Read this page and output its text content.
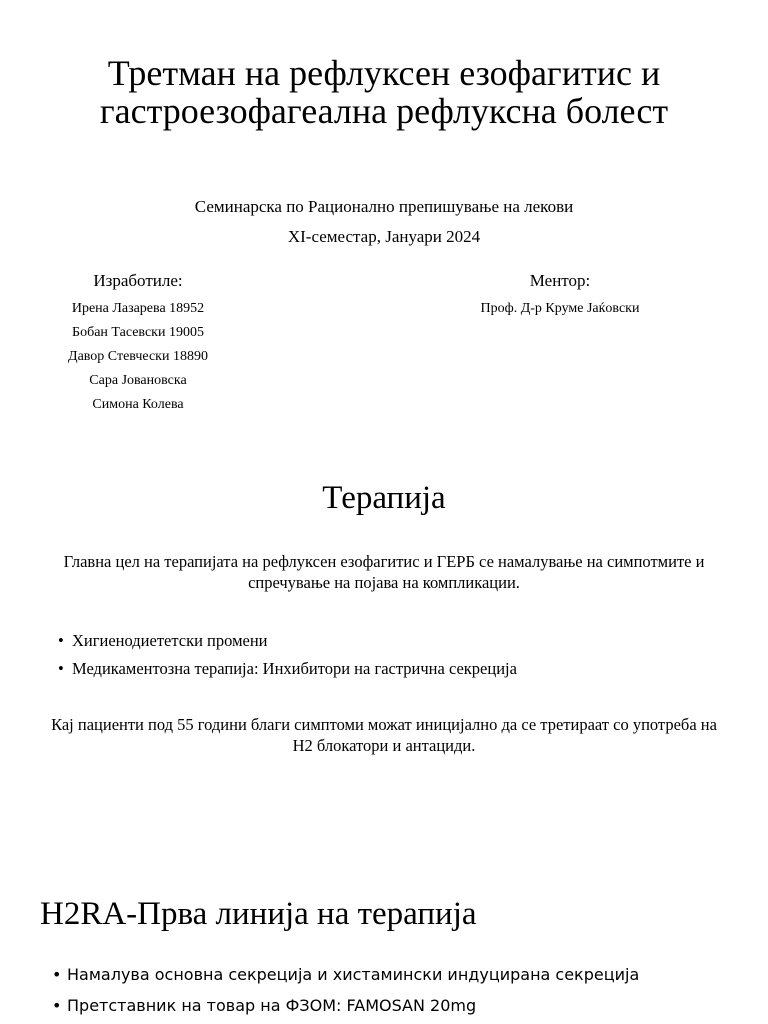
Третман на рефлуксен езофагитис и гастроезофагеална рефлуксна болест
Семинарска по Рационално препишување на лекови
XI-семестар, Јануари 2024
Изработиле:
Ирена Лазарева 18952
Бобан Тасевски 19005
Давор Стевчески 18890
Сара Јовановска
Симона Колева
Ментор:
Проф. Д-р Круме Јаќовски
Терапија
Главна цел на терапијата на рефлуксен езофагитис и ГЕРБ се намалување на симпотмите и спречување на појава на компликации.
• Хигиенодиететски промени
• Медикаментозна терапија: Инхибитори на гастрична секреција
Кај пациенти под 55 години благи симптоми можат иницијално да се третираат со употреба на H2 блокатори и антациди.
H2RA-Прва линија на терапија
• Намалува основна секреција и хистамински индуцирана секреција
• Претставник на товар на ФЗОМ: FAMOSAN 20mg
